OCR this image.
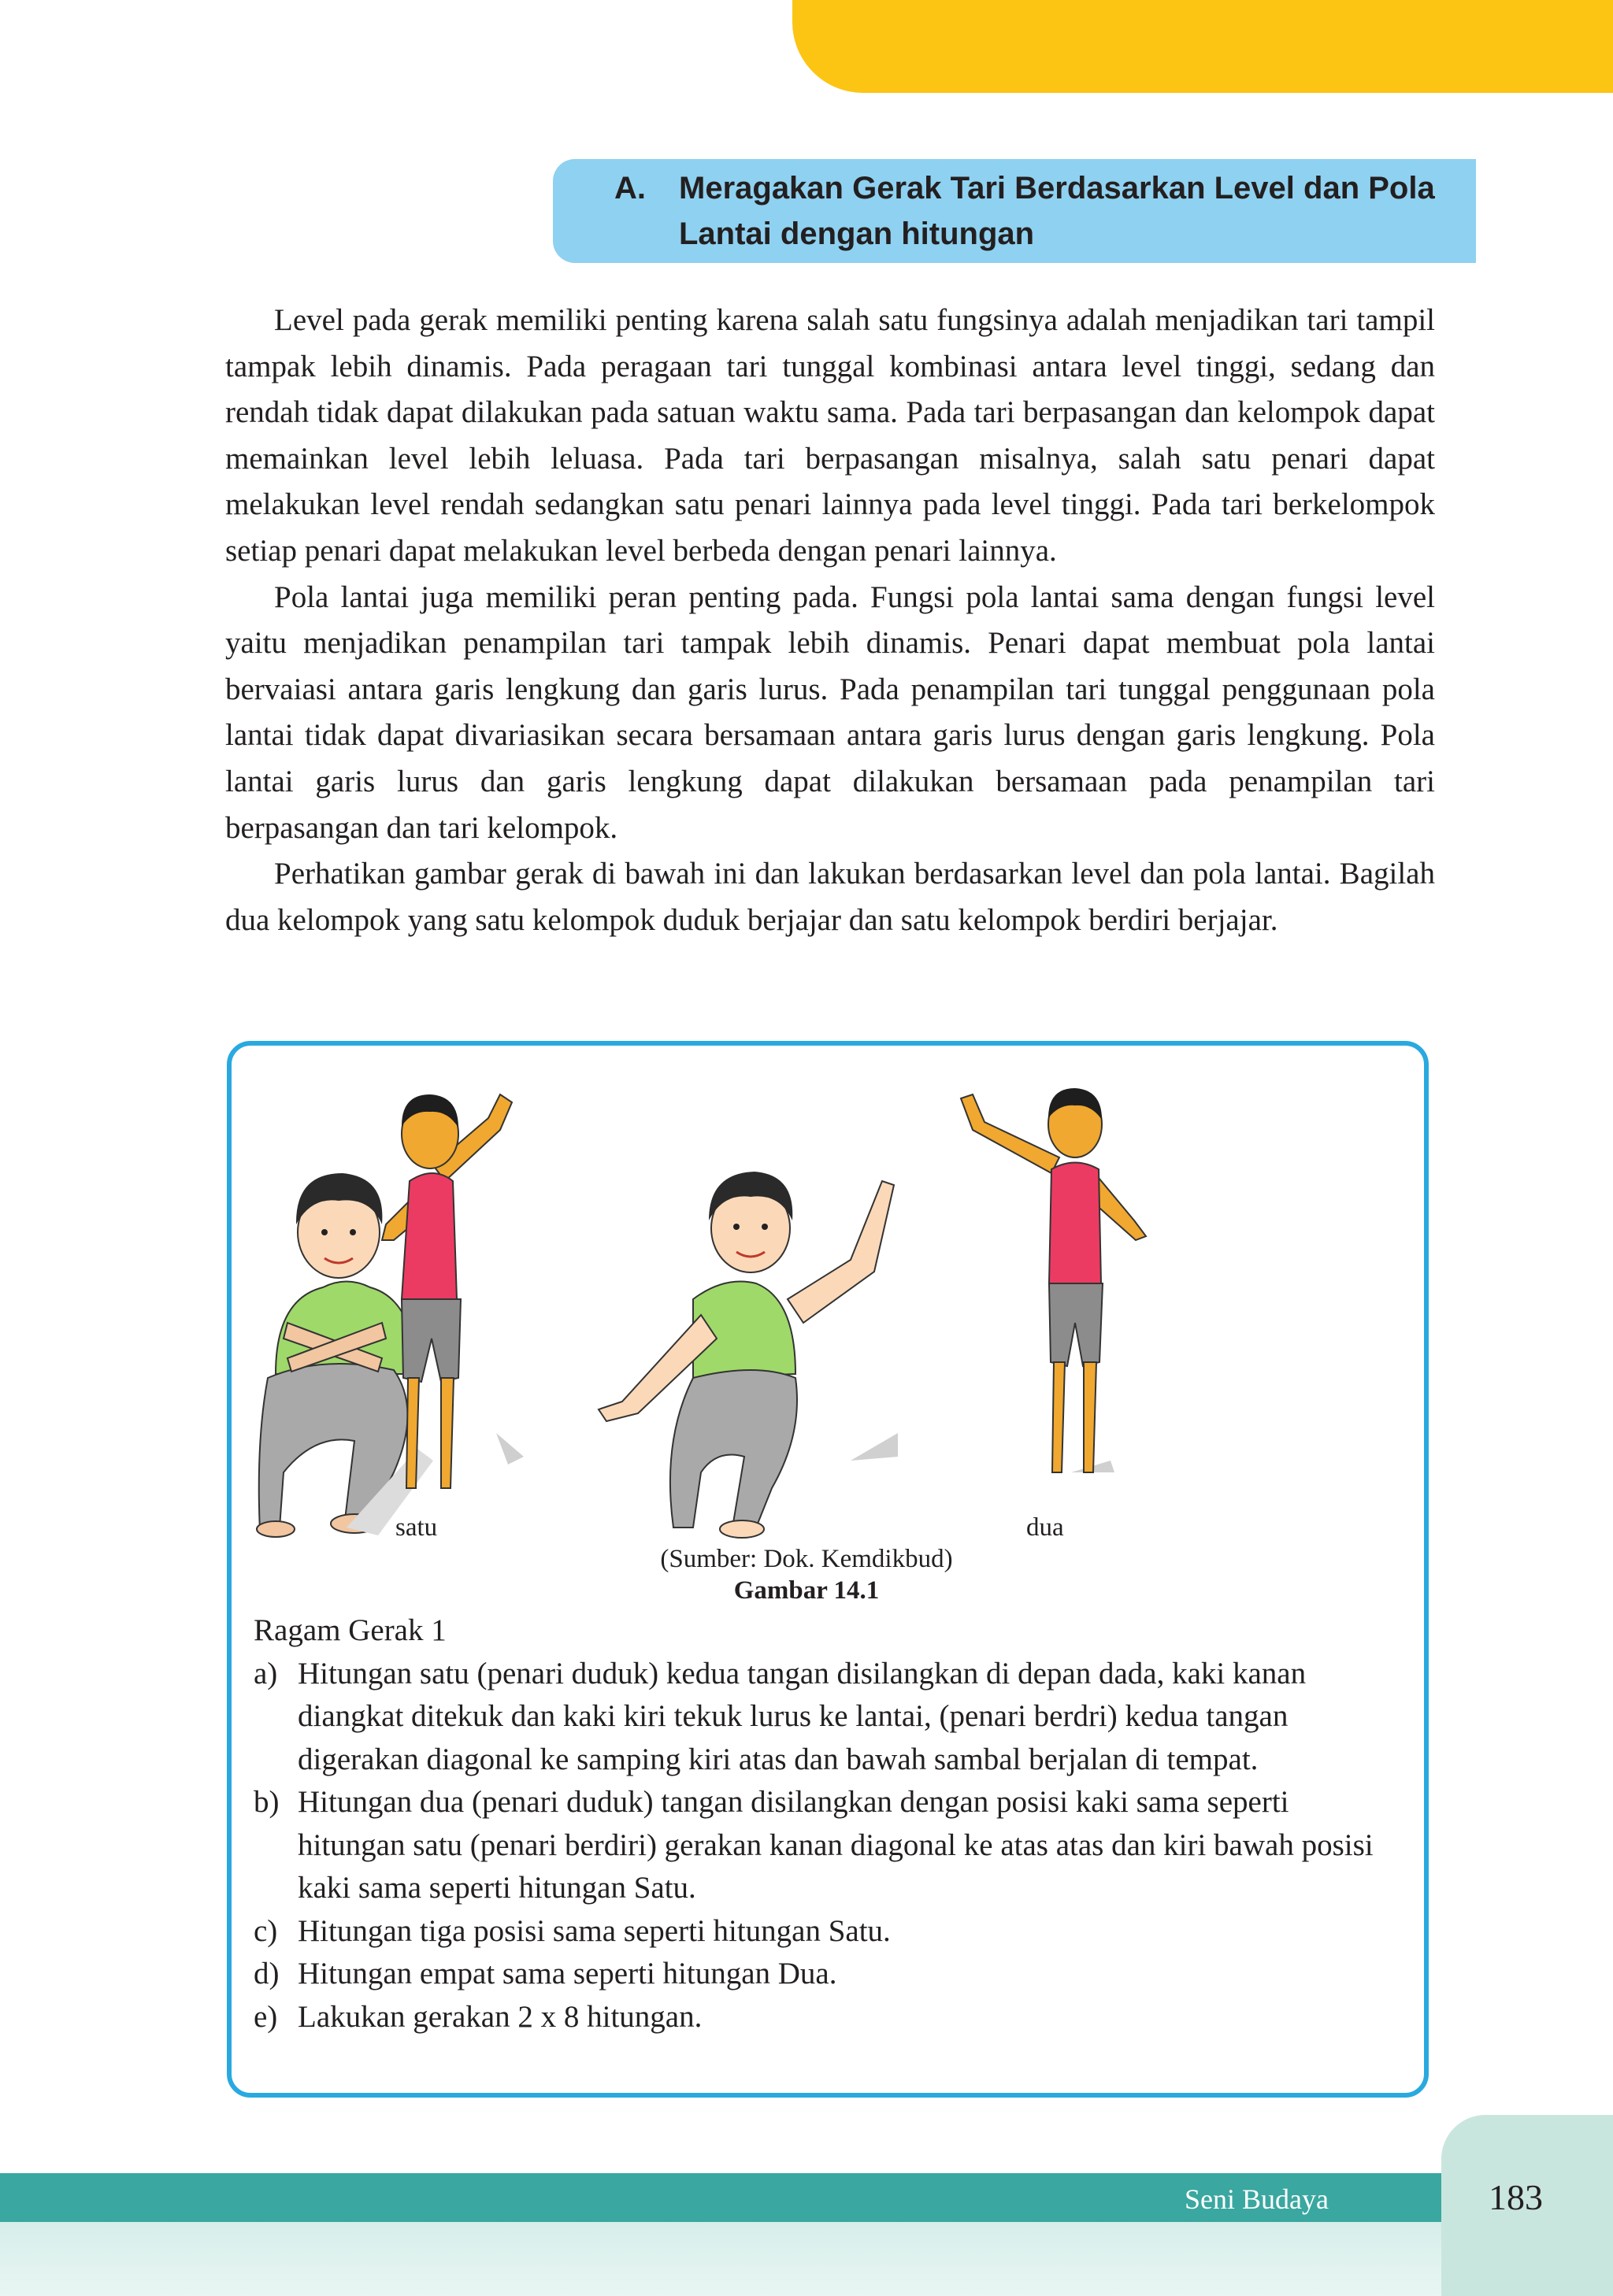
A. Meragakan Gerak Tari Berdasarkan Level dan Pola Lantai dengan hitungan

Level pada gerak memiliki penting karena salah satu fungsinya adalah menjadikan tari tampil tampak lebih dinamis. Pada peragaan tari tunggal kombinasi antara level tinggi, sedang dan rendah tidak dapat dilakukan pada satuan waktu sama. Pada tari berpasangan dan kelompok dapat memainkan level lebih leluasa. Pada tari berpasangan misalnya, salah satu penari dapat melakukan level rendah sedangkan satu penari lainnya pada level tinggi. Pada tari berkelompok setiap penari dapat melakukan level berbeda dengan penari lainnya.

Pola lantai juga memiliki peran penting pada. Fungsi pola lantai sama dengan fungsi level yaitu menjadikan penampilan tari tampak lebih dinamis. Penari dapat membuat pola lantai bervaiasi antara garis lengkung dan garis lurus. Pada penampilan tari tunggal penggunaan pola lantai tidak dapat divariasikan secara bersamaan antara garis lurus dengan garis lengkung. Pola lantai garis lurus dan garis lengkung dapat dilakukan bersamaan pada penampilan tari berpasangan dan tari kelompok.

Perhatikan gambar gerak di bawah ini dan lakukan berdasarkan level dan pola lantai. Bagilah dua kelompok yang satu kelompok duduk berjajar dan satu kelompok berdiri berjajar.

satu	dua
(Sumber: Dok. Kemdikbud)
Gambar 14.1

Ragam Gerak 1

a) Hitungan satu (penari duduk) kedua tangan disilangkan di depan dada, kaki kanan diangkat ditekuk dan kaki kiri tekuk lurus ke lantai, (penari berdri) kedua tangan digerakan diagonal ke samping kiri atas dan bawah sambal berjalan di tempat.
b) Hitungan dua (penari duduk) tangan disilangkan dengan posisi kaki sama seperti hitungan satu (penari berdiri) gerakan kanan diagonal ke atas atas dan kiri bawah posisi kaki sama seperti hitungan Satu.
c) Hitungan tiga posisi sama seperti hitungan Satu.
d) Hitungan empat sama seperti hitungan Dua.
e) Lakukan gerakan 2 x 8 hitungan.
Seni Budaya	183
